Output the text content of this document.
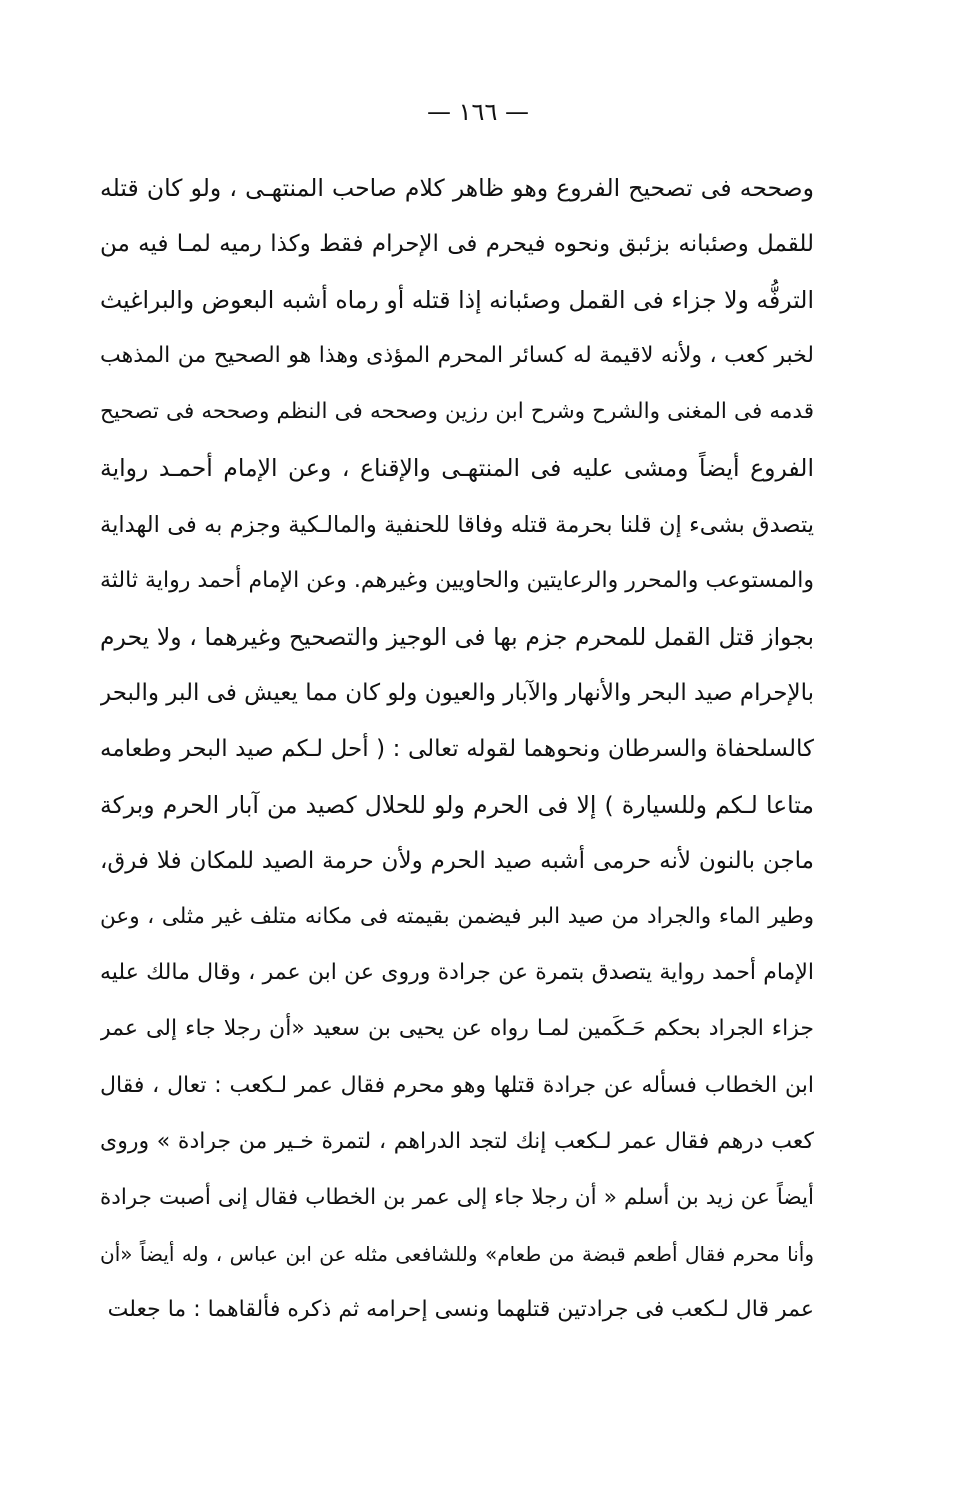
— ١٦٦ —
وصححه فى تصحيح الفروع وهو ظاهر كلام صاحب المنتهـى ، ولو كان قتله
للقمل وصئبانه بزئبق ونحوه فيحرم فى الإحرام فقط وكذا رميه لمـا فيه من
الترفُّه ولا جزاء فى القمل وصئبانه إذا قتله أو رماه أشبه البعوض والبراغيث
لخبر كعب ، ولأنه لاقيمة له كسائر المحرم المؤذى وهذا هو الصحيح من المذهب
قدمه فى المغنى والشرح وشرح ابن رزين وصححه فى النظم وصححه فى تصحيح
الفروع أيضاً ومشى عليه فى المنتهـى والإقناع ، وعن الإمام أحمـد رواية
يتصدق بشىء إن قلنا بحرمة قتله وفاقا للحنفية والمالـكية وجزم به فى الهداية
والمستوعب والمحرر والرعايتين والحاويين وغيرهم. وعن الإمام أحمد رواية ثالثة
بجواز قتل القمل للمحرم جزم بها فى الوجيز والتصحيح وغيرهما ، ولا يحرم
بالإحرام صيد البحر والأنهار والآبار والعيون ولو كان مما يعيش فى البر والبحر
كالسلحفاة والسرطان ونحوهما لقوله تعالى : ( أحل لـكم صيد البحر وطعامه
متاعا لـكم وللسيارة ) إلا فى الحرم ولو للحلال كصيد من آبار الحرم وبركة
ماجن بالنون لأنه حرمى أشبه صيد الحرم ولأن حرمة الصيد للمكان فلا فرق،
وطير الماء والجراد من صيد البر فيضمن بقيمته فى مكانه متلف غير مثلى ، وعن
الإمام أحمد رواية يتصدق بتمرة عن جرادة وروى عن ابن عمر ، وقال مالك عليه
جزاء الجراد بحكم حَـكَمين لمـا رواه عن يحيى بن سعيد «أن رجلا جاء إلى عمر
ابن الخطاب فسأله عن جرادة قتلها وهو محرم فقال عمر لـكعب : تعال ، فقال
كعب درهم فقال عمر لـكعب إنك لتجد الدراهم ، لتمرة خـير من جرادة » وروى
أيضاً عن زيد بن أسلم « أن رجلا جاء إلى عمر بن الخطاب فقال إنى أصبت جرادة
وأنا محرم فقال أطعم قبضة من طعام» وللشافعى مثله عن ابن عباس ، وله أيضاً «أن
عمر قال لـكعب فى جرادتين قتلهما ونسى إحرامه ثم ذكره فألقاهما : ما جعلت
